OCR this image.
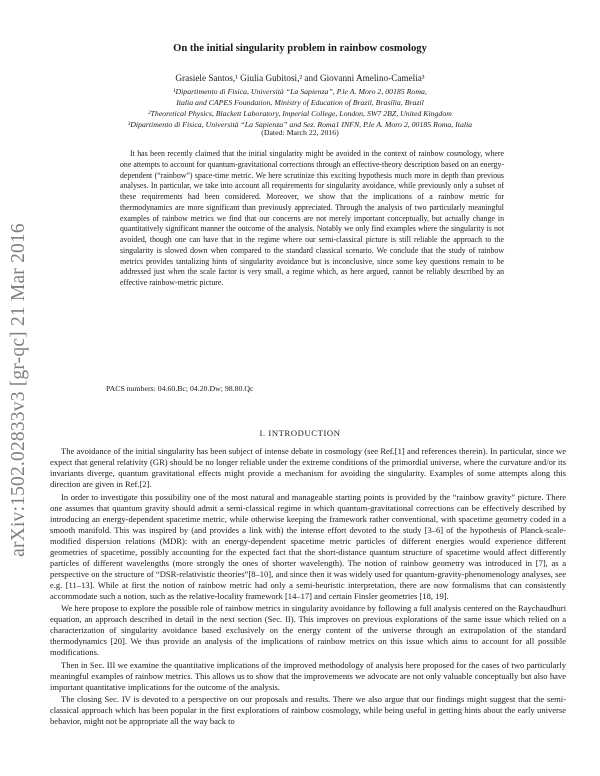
arXiv:1502.02833v3 [gr-qc] 21 Mar 2016
On the initial singularity problem in rainbow cosmology
Grasiele Santos,¹ Giulia Gubitosi,² and Giovanni Amelino-Camelia³
¹Dipartimento di Fisica, Università “La Sapienza”, P.le A. Moro 2, 00185 Roma,
Italia and CAPES Foundation, Ministry of Education of Brazil, Brasília, Brazil
²Theoretical Physics, Blackett Laboratory, Imperial College, London, SW7 2BZ, United Kingdom
³Dipartimento di Fisica, Università “La Sapienza” and Sez. Roma1 INFN, P.le A. Moro 2, 00185 Roma, Italia
(Dated: March 22, 2016)
It has been recently claimed that the initial singularity might be avoided in the context of rainbow cosmology, where one attempts to account for quantum-gravitational corrections through an effective-theory description based on an energy-dependent (“rainbow”) space-time metric. We here scrutinize this exciting hypothesis much more in depth than previous analyses. In particular, we take into account all requirements for singularity avoidance, while previously only a subset of these requirements had been considered. Moreover, we show that the implications of a rainbow metric for thermodynamics are more significant than previously appreciated. Through the analysis of two particularly meaningful examples of rainbow metrics we find that our concerns are not merely important conceptually, but actually change in quantitatively significant manner the outcome of the analysis. Notably we only find examples where the singularity is not avoided, though one can have that in the regime where our semi-classical picture is still reliable the approach to the singularity is slowed down when compared to the standard classical scenario. We conclude that the study of rainbow metrics provides tantalizing hints of singularity avoidance but is inconclusive, since some key questions remain to be addressed just when the scale factor is very small, a regime which, as here argued, cannot be reliably described by an effective rainbow-metric picture.
PACS numbers: 04.60.Bc; 04.20.Dw; 98.80.Qc
I. INTRODUCTION

The avoidance of the initial singularity has been subject of intense debate in cosmology (see Ref.[1] and references therein). In particular, since we expect that general relativity (GR) should be no longer reliable under the extreme conditions of the primordial universe, where the curvature and/or its invariants diverge, quantum gravitational effects might provide a mechanism for avoiding the singularity. Examples of some attempts along this direction are given in Ref.[2].

In order to investigate this possibility one of the most natural and manageable starting points is provided by the “rainbow gravity” picture. There one assumes that quantum gravity should admit a semi-classical regime in which quantum-gravitational corrections can be effectively described by introducing an energy-dependent spacetime metric, while otherwise keeping the framework rather conventional, with spacetime geometry coded in a smooth manifold. This was inspired by (and provides a link with) the intense effort devoted to the study [3–6] of the hypothesis of Planck-scale-modified dispersion relations (MDR): with an energy-dependent spacetime metric particles of different energies would experience different geometries of spacetime, possibly accounting for the expected fact that the short-distance quantum structure of spacetime would affect differently particles of different wavelengths (more strongly the ones of shorter wavelength). The notion of rainbow geometry was introduced in [7], as a perspective on the structure of “DSR-relativistic theories”[8–10], and since then it was widely used for quantum-gravity-phenomenology analyses, see e.g. [11–13]. While at first the notion of rainbow metric had only a semi-heuristic interpretation, there are now formalisms that can consistently accommodate such a notion, such as the relative-locality framework [14–17] and certain Finsler geometries [18, 19].

We here propose to explore the possible role of rainbow metrics in singularity avoidance by following a full analysis centered on the Raychaudhuri equation, an approach described in detail in the next section (Sec. II). This improves on previous explorations of the same issue which relied on a characterization of singularity avoidance based exclusively on the energy content of the universe through an extrapolation of the standard thermodynamics [20]. We thus provide an analysis of the implications of rainbow metrics on this issue which aims to account for all possible modifications.

Then in Sec. III we examine the quantitative implications of the improved methodology of analysis here proposed for the cases of two particularly meaningful examples of rainbow metrics. This allows us to show that the improvements we advocate are not only valuable conceptually but also have important quantitative implications for the outcome of the analysis.

The closing Sec. IV is devoted to a perspective on our proposals and results. There we also argue that our findings might suggest that the semi-classical approach which has been popular in the first explorations of rainbow cosmology, while being useful in getting hints about the early universe behavior, might not be appropriate all the way back to
